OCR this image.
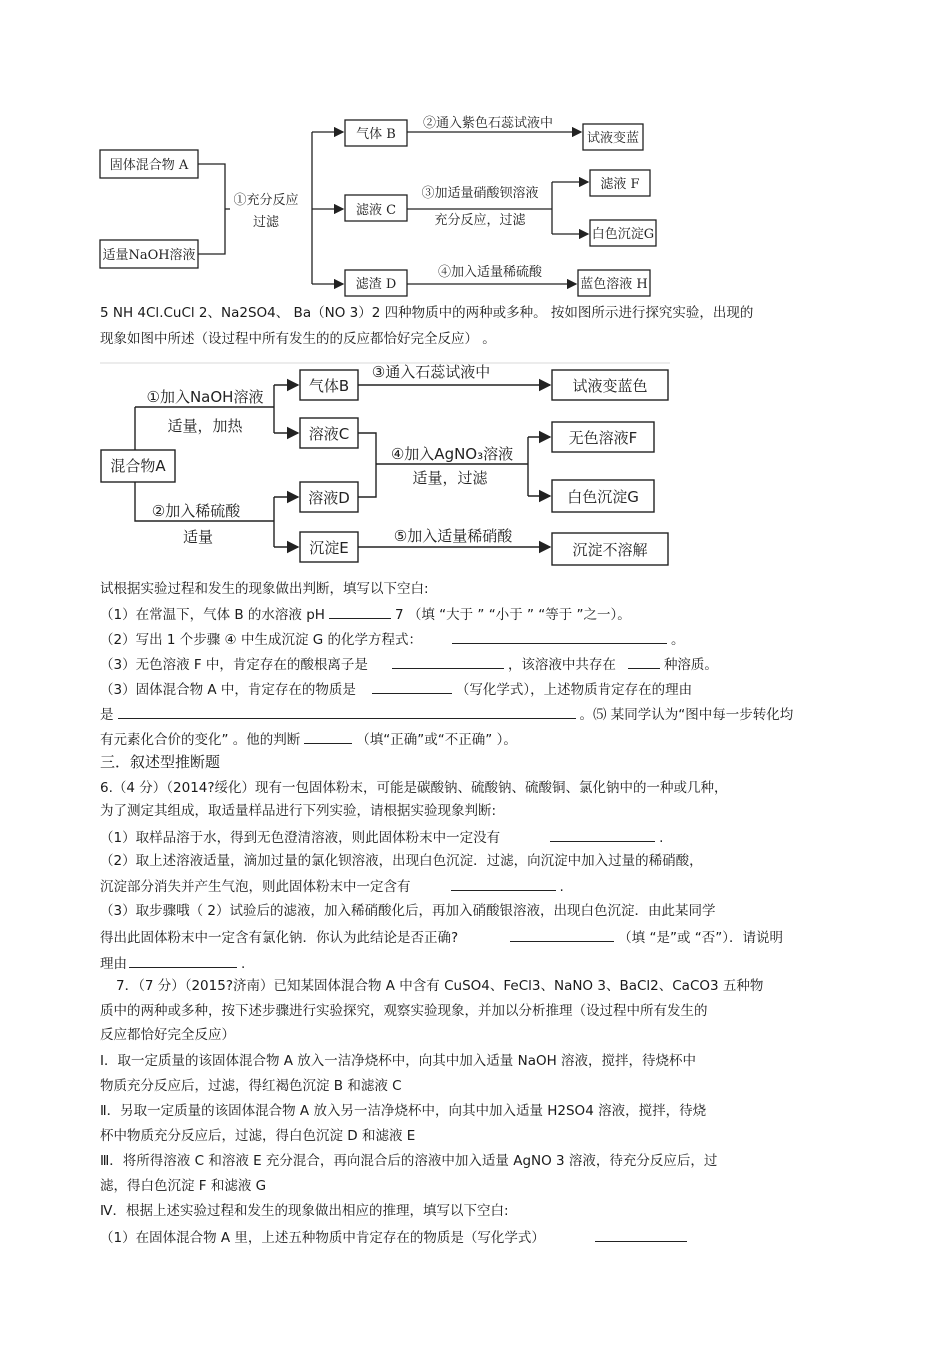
固体混合物 A
适量NaOH溶液
①充分反应
过滤
气体 B
②通入紫色石蕊试液中
试液变蓝
滤液 C
③加适量硝酸钡溶液
充分反应，过滤
滤液 F
白色沉淀G
滤渣 D
④加入适量稀硫酸
蓝色溶液 H
5 NH 4Cl.CuCl 2、Na2SO4、 Ba（NO 3）2 四种物质中的两种或多种。 按如图所示进行探究实验，出现的
现象如图中所述（设过程中所有发生的的反应都恰好完全反应） 。
混合物A
①加入NaOH溶液
适量，加热
②加入稀硫酸
适量
气体B
③通入石蕊试液中
试液变蓝色
溶液C
溶液D
沉淀E
④加入AgNO₃溶液
适量，过滤
无色溶液F
白色沉淀G
⑤加入适量稀硝酸
沉淀不溶解
试根据实验过程和发生的现象做出判断，填写以下空白:
（1）在常温下，气体 B 的水溶液 pH	7 （填 “大于 ” “小于 ” “等于 ”之一）。
（2）写出 1 个步骤 ④ 中生成沉淀 G 的化学方程式：	。
（3）无色溶液 F 中，肯定存在的酸根离子是	，该溶液中共存在	种溶质。
（3）固体混合物 A 中，肯定存在的物质是	（写化学式），上述物质肯定存在的理由
是	。⑸ 某同学认为“图中每一步转化均
有元素化合价的变化” 。他的判断	（填“正确”或“不正确” ）。
三．叙述型推断题
6.（4 分）（2014?绥化）现有一包固体粉末，可能是碳酸钠、硫酸钠、硫酸铜、氯化钠中的一种或几种，
为了测定其组成，取适量样品进行下列实验，请根据实验现象判断:
（1）取样品溶于水，得到无色澄清溶液，则此固体粉末中一定没有	.
（2）取上述溶液适量，滴加过量的氯化钡溶液，出现白色沉淀．过滤，向沉淀中加入过量的稀硝酸，
沉淀部分消失并产生气泡，则此固体粉末中一定含有	.
（3）取步骤哦（ 2）试验后的滤液，加入稀硝酸化后，再加入硝酸银溶液，出现白色沉淀．由此某同学
得出此固体粉末中一定含有氯化钠．你认为此结论是否正确?	（填 “是”或 “否”）．请说明
理由	.
7．（7 分）（2015?济南）已知某固体混合物 A 中含有 CuSO4、FeCl3、NaNO 3、BaCl2、CaCO3 五种物
质中的两种或多种，按下述步骤进行实验探究，观察实验现象，并加以分析推理（设过程中所有发生的
反应都恰好完全反应）
Ⅰ．取一定质量的该固体混合物 A 放入一洁净烧杯中，向其中加入适量 NaOH 溶液，搅拌，待烧杯中
物质充分反应后，过滤，得红褐色沉淀 B 和滤液 C
Ⅱ．另取一定质量的该固体混合物 A 放入另一洁净烧杯中，向其中加入适量 H2SO4 溶液，搅拌，待烧
杯中物质充分反应后，过滤，得白色沉淀 D 和滤液 E
Ⅲ．将所得溶液 C 和溶液 E 充分混合，再向混合后的溶液中加入适量 AgNO 3 溶液，待充分反应后，过
滤，得白色沉淀 F 和滤液 G
Ⅳ．根据上述实验过程和发生的现象做出相应的推理，填写以下空白:
（1）在固体混合物 A 里，上述五种物质中肯定存在的物质是（写化学式）
